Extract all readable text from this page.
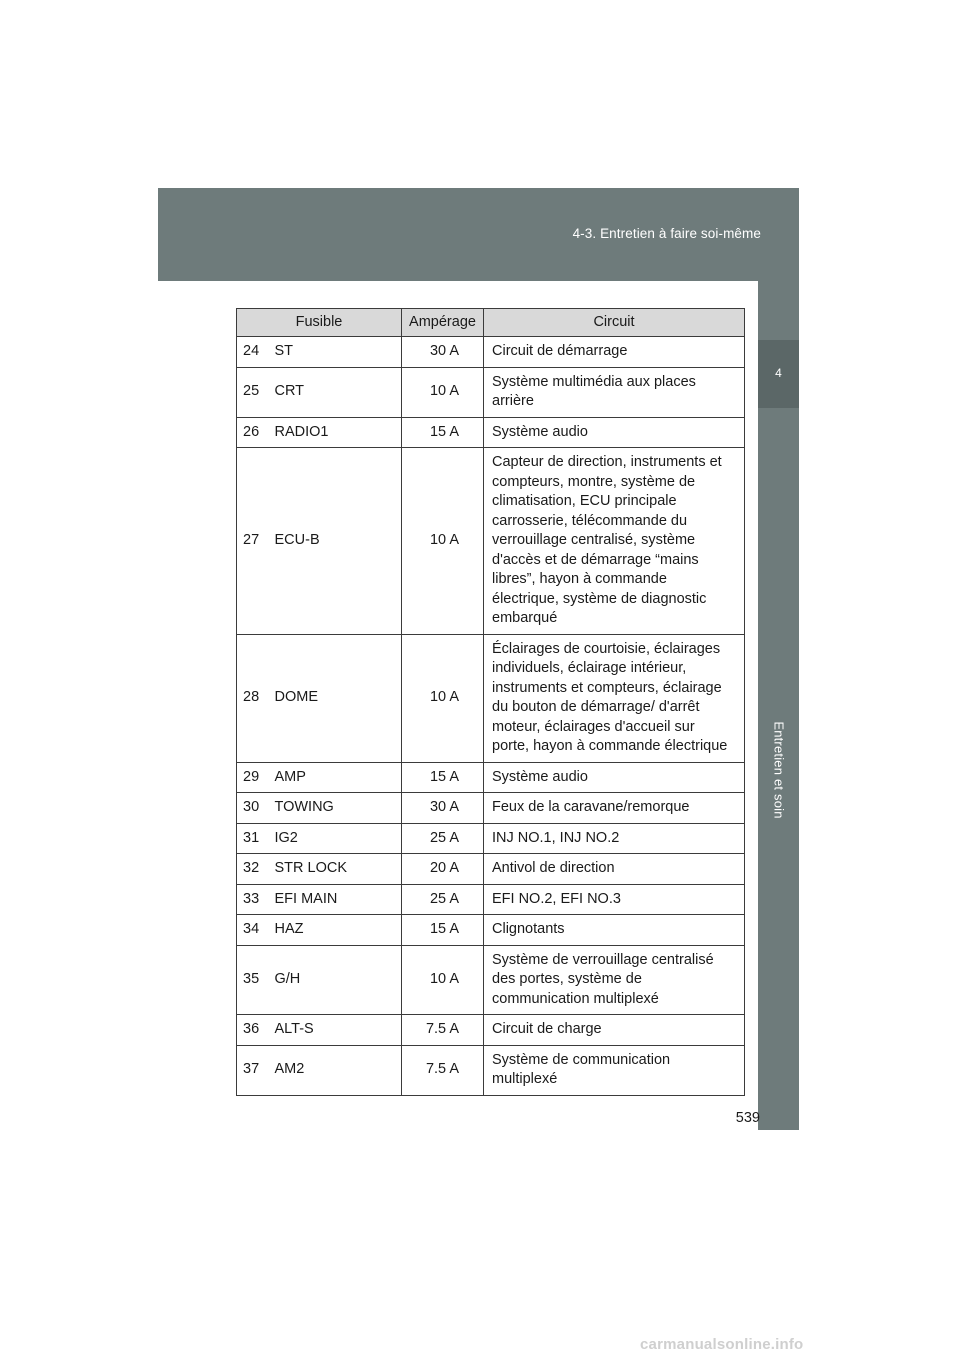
4-3. Entretien à faire soi-même
4
Entretien et soin
Fusible		Ampérage	Circuit
24	ST	30 A	Circuit de démarrage
25	CRT	10 A	Système multimédia aux places arrière
26	RADIO1	15 A	Système audio
27	ECU-B	10 A	Capteur de direction, instruments et compteurs, montre, système de climatisation, ECU principale carrosserie, télécommande du verrouillage centralisé, système d'accès et de démarrage “mains libres”, hayon à commande électrique, système de diagnostic embarqué
28	DOME	10 A	Éclairages de courtoisie, éclairages individuels, éclairage intérieur, instruments et compteurs, éclairage du bouton de démarrage/ d'arrêt moteur, éclairages d'accueil sur porte, hayon à commande électrique
29	AMP	15 A	Système audio
30	TOWING	30 A	Feux de la caravane/remorque
31	IG2	25 A	INJ NO.1, INJ NO.2
32	STR LOCK	20 A	Antivol de direction
33	EFI MAIN	25 A	EFI NO.2, EFI NO.3
34	HAZ	15 A	Clignotants
35	G/H	10 A	Système de verrouillage centralisé des portes, système de communication multiplexé
36	ALT-S	7.5 A	Circuit de charge
37	AM2	7.5 A	Système de communication multiplexé
539
carmanualsonline.info
